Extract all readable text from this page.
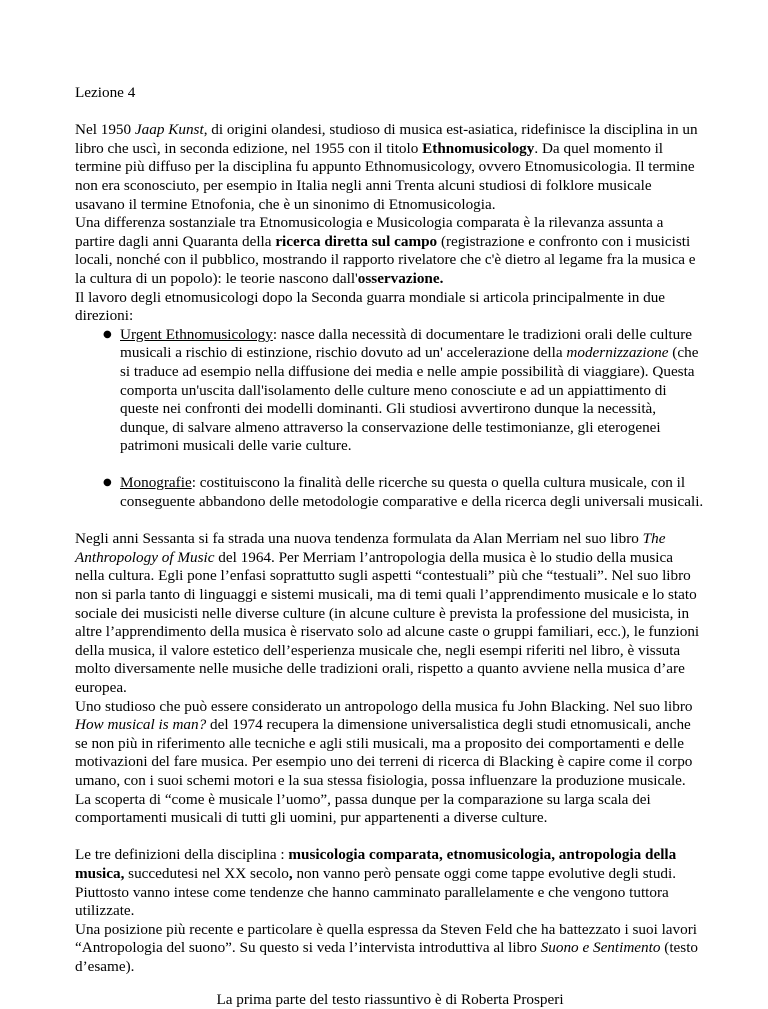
Lezione 4

Nel 1950 Jaap Kunst, di origini olandesi, studioso di musica est-asiatica, ridefinisce la disciplina in un libro che uscì, in seconda edizione, nel 1955 con il titolo Ethnomusicology. Da quel momento il termine più diffuso per la disciplina fu appunto Ethnomusicology, ovvero Etnomusicologia. Il termine non era sconosciuto, per esempio in Italia negli anni Trenta alcuni studiosi di folklore musicale usavano il termine Etnofonia, che è un sinonimo di Etnomusicologia.

Una differenza sostanziale tra Etnomusicologia e Musicologia comparata è la rilevanza assunta a partire dagli anni Quaranta della ricerca diretta sul campo (registrazione e confronto con i musicisti locali, nonché con il pubblico, mostrando il rapporto rivelatore che c'è dietro al legame fra la musica e la cultura di un popolo): le teorie nascono dall'osservazione.

Il lavoro degli etnomusicologi dopo la Seconda guarra mondiale si articola principalmente in due direzioni:

● Urgent Ethnomusicology: nasce dalla necessità di documentare le tradizioni orali delle culture musicali a rischio di estinzione, rischio dovuto ad un' accelerazione della modernizzazione (che si traduce ad esempio nella diffusione dei media e nelle ampie possibilità di viaggiare). Questa comporta un'uscita dall'isolamento delle culture meno conosciute e ad un appiattimento di queste nei confronti dei modelli dominanti. Gli studiosi avvertirono dunque la necessità, dunque, di salvare almeno attraverso la conservazione delle testimonianze, gli eterogenei patrimoni musicali delle varie culture.
● Monografie: costituiscono la finalità delle ricerche su questa o quella cultura musicale, con il conseguente abbandono delle metodologie comparative e della ricerca degli universali musicali.

Negli anni Sessanta si fa strada una nuova tendenza formulata da Alan Merriam nel suo libro The Anthropology of Music del 1964. Per Merriam l’antropologia della musica è lo studio della musica nella cultura. Egli pone l’enfasi soprattutto sugli aspetti “contestuali” più che “testuali”. Nel suo libro non si parla tanto di linguaggi e sistemi musicali, ma di temi quali l’apprendimento musicale e lo stato sociale dei musicisti nelle diverse culture (in alcune culture è prevista la professione del musicista, in altre l’apprendimento della musica è riservato solo ad alcune caste o gruppi familiari, ecc.), le funzioni della musica, il valore estetico dell’esperienza musicale che, negli esempi riferiti nel libro, è vissuta molto diversamente nelle musiche delle tradizioni orali, rispetto a quanto avviene nella musica d’are europea.

Uno studioso che può essere considerato un antropologo della musica fu John Blacking. Nel suo libro How musical is man? del 1974 recupera la dimensione universalistica degli studi etnomusicali, anche se non più in riferimento alle tecniche e agli stili musicali, ma a proposito dei comportamenti e delle motivazioni del fare musica. Per esempio uno dei terreni di ricerca di Blacking è capire come il corpo umano, con i suoi schemi motori e la sua stessa fisiologia, possa influenzare la produzione musicale. La scoperta di “come è musicale l’uomo”, passa dunque per la comparazione su larga scala dei comportamenti musicali di tutti gli uomini, pur appartenenti a diverse culture.

Le tre definizioni della disciplina : musicologia comparata, etnomusicologia, antropologia della musica, succedutesi nel XX secolo, non vanno però pensate oggi come tappe evolutive degli studi. Piuttosto vanno intese come tendenze che hanno camminato parallelamente e che vengono tuttora utilizzate.

Una posizione più recente e particolare è quella espressa da Steven Feld che ha battezzato i suoi lavori “Antropologia del suono”. Su questo si veda l’intervista introduttiva al libro Suono e Sentimento (testo d’esame).

La prima parte del testo riassuntivo è di Roberta Prosperi
